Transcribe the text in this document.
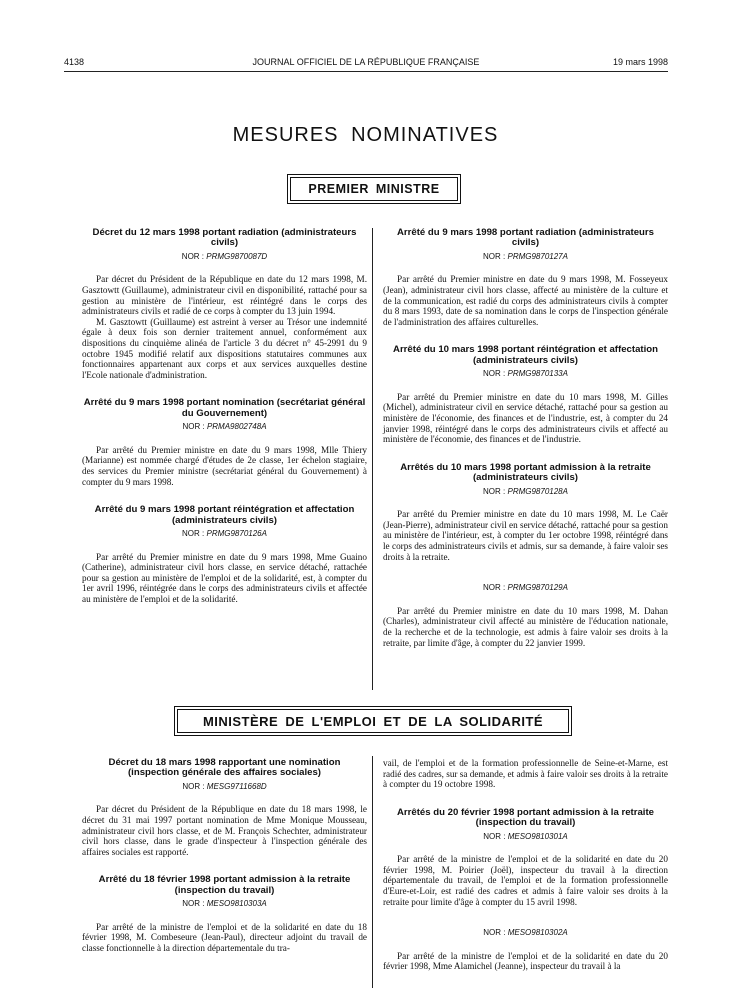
4138	JOURNAL OFFICIEL DE LA RÉPUBLIQUE FRANÇAISE	19 mars 1998
MESURES NOMINATIVES
PREMIER MINISTRE
Décret du 12 mars 1998 portant radiation (administrateurs civils)
NOR : PRMG9870087D

Par décret du Président de la République en date du 12 mars 1998, M. Gasztowtt (Guillaume), administrateur civil en disponibilité, rattaché pour sa gestion au ministère de l'intérieur, est réintégré dans le corps des administrateurs civils et radié de ce corps à compter du 13 juin 1994.

M. Gasztowtt (Guillaume) est astreint à verser au Trésor une indemnité égale à deux fois son dernier traitement annuel, conformément aux dispositions du cinquième alinéa de l'article 3 du décret n° 45-2991 du 9 octobre 1945 modifié relatif aux dispositions statutaires communes aux fonctionnaires appartenant aux corps et aux services auxquelles destine l'Ecole nationale d'administration.

Arrêté du 9 mars 1998 portant nomination (secrétariat général du Gouvernement)
NOR : PRMA9802748A

Par arrêté du Premier ministre en date du 9 mars 1998, Mlle Thiery (Marianne) est nommée chargé d'études de 2e classe, 1er échelon stagiaire, des services du Premier ministre (secrétariat général du Gouvernement) à compter du 9 mars 1998.

Arrêté du 9 mars 1998 portant réintégration et affectation (administrateurs civils)
NOR : PRMG9870126A

Par arrêté du Premier ministre en date du 9 mars 1998, Mme Guaino (Catherine), administrateur civil hors classe, en service détaché, rattachée pour sa gestion au ministère de l'emploi et de la solidarité, est, à compter du 1er avril 1996, réintégrée dans le corps des administrateurs civils et affectée au ministère de l'emploi et de la solidarité.

Arrêté du 9 mars 1998 portant radiation (administrateurs civils)
NOR : PRMG9870127A

Par arrêté du Premier ministre en date du 9 mars 1998, M. Fosseyeux (Jean), administrateur civil hors classe, affecté au ministère de la culture et de la communication, est radié du corps des administrateurs civils à compter du 8 mars 1993, date de sa nomination dans le corps de l'inspection générale de l'administration des affaires culturelles.

Arrêté du 10 mars 1998 portant réintégration et affectation (administrateurs civils)
NOR : PRMG9870133A

Par arrêté du Premier ministre en date du 10 mars 1998, M. Gilles (Michel), administrateur civil en service détaché, rattaché pour sa gestion au ministère de l'économie, des finances et de l'industrie, est, à compter du 24 janvier 1998, réintégré dans le corps des administrateurs civils et affecté au ministère de l'économie, des finances et de l'industrie.

Arrêtés du 10 mars 1998 portant admission à la retraite (administrateurs civils)
NOR : PRMG9870128A

Par arrêté du Premier ministre en date du 10 mars 1998, M. Le Caër (Jean-Pierre), administrateur civil en service détaché, rattaché pour sa gestion au ministère de l'intérieur, est, à compter du 1er octobre 1998, réintégré dans le corps des administrateurs civils et admis, sur sa demande, à faire valoir ses droits à la retraite.

NOR : PRMG9870129A

Par arrêté du Premier ministre en date du 10 mars 1998, M. Dahan (Charles), administrateur civil affecté au ministère de l'éducation nationale, de la recherche et de la technologie, est admis à faire valoir ses droits à la retraite, par limite d'âge, à compter du 22 janvier 1999.

MINISTÈRE DE L'EMPLOI ET DE LA SOLIDARITÉ
Décret du 18 mars 1998 rapportant une nomination (inspection générale des affaires sociales)
NOR : MESG9711668D

Par décret du Président de la République en date du 18 mars 1998, le décret du 31 mai 1997 portant nomination de Mme Monique Mousseau, administrateur civil hors classe, et de M. François Schechter, administrateur civil hors classe, dans le grade d'inspecteur à l'inspection générale des affaires sociales est rapporté.

Arrêté du 18 février 1998 portant admission à la retraite (inspection du travail)
NOR : MESO9810303A

Par arrêté de la ministre de l'emploi et de la solidarité en date du 18 février 1998, M. Combeseure (Jean-Paul), directeur adjoint du travail de classe fonctionnelle à la direction départementale du tra-

vail, de l'emploi et de la formation professionnelle de Seine-et-Marne, est radié des cadres, sur sa demande, et admis à faire valoir ses droits à la retraite à compter du 19 octobre 1998.

Arrêtés du 20 février 1998 portant admission à la retraite (inspection du travail)
NOR : MESO9810301A

Par arrêté de la ministre de l'emploi et de la solidarité en date du 20 février 1998, M. Poirier (Joël), inspecteur du travail à la direction départementale du travail, de l'emploi et de la formation professionnelle d'Eure-et-Loir, est radié des cadres et admis à faire valoir ses droits à la retraite pour limite d'âge à compter du 15 avril 1998.

NOR : MESO9810302A

Par arrêté de la ministre de l'emploi et de la solidarité en date du 20 février 1998, Mme Alamichel (Jeanne), inspecteur du travail à la
